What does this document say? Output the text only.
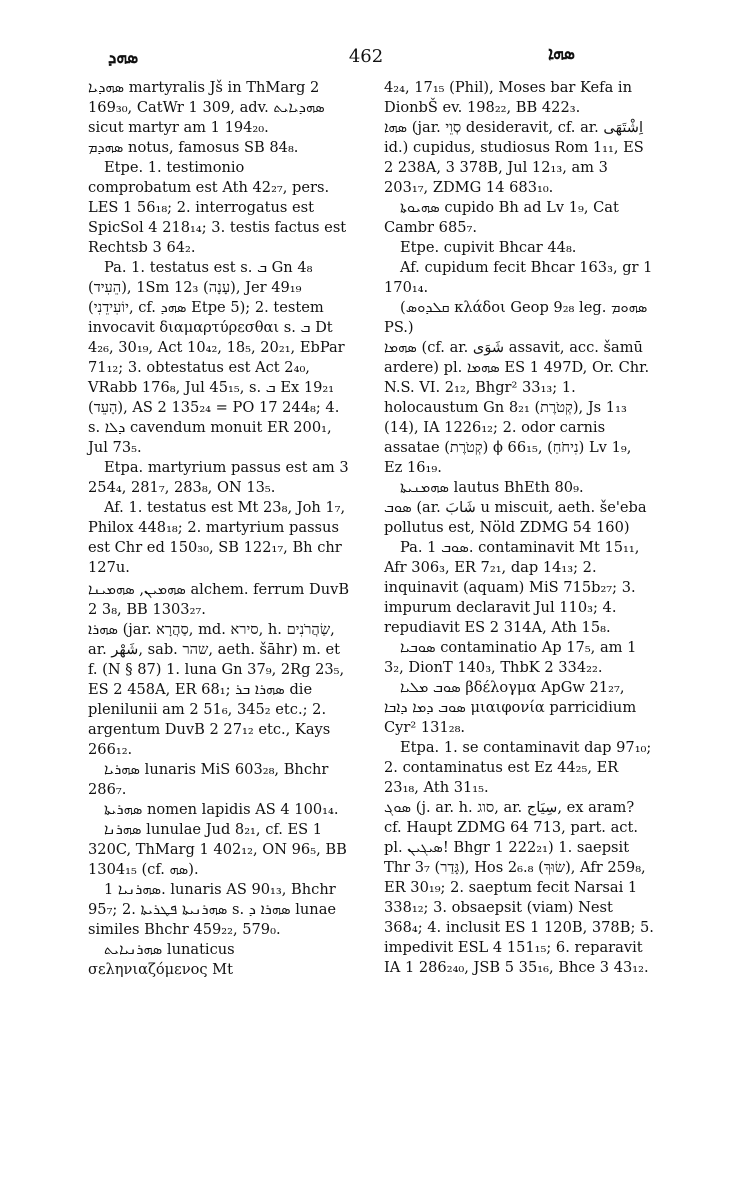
ܣܗܕ	462	ܣܗܐ

ܣܗܕܝܐ martyralis Jš in ThMarg 2 169₃₀, CatWr 1 309, adv. ܣܗܕܝܐܝܬ sicut martyr am 1 194₂₀.

ܣܗܕܡ notus, famosus SB 84₈.

Etpe. 1. testimonio comprobatum est Ath 42₂₇, pers. LES 1 56₁₈; 2. interrogatus est SpicSol 4 218₁₄; 3. testis factus est Rechtsb 3 64₂.

Pa. 1. testatus est s. ܒ Gn 4₈ (הֵעִיד), 1Sm 12₃ (עָנָה), Jer 49₁₉ (יוֹעִידֵנִי, cf. ܣܗܕ Etpe 5); 2. testem invocavit διαμαρτύρεσθαι s. ܒ Dt 4₂₆, 30₁₉, Act 10₄₂, 18₅, 20₂₁, EbPar 71₁₂; 3. obtestatus est Act 2₄₀, VRabb 176₈, Jul 45₁₅, s. ܒ Ex 19₂₁ (הָעֵד), AS 2 135₂₄ = PO 17 244₈; 4. s. ܕܠܐ cavendum monuit ER 200₁, Jul 73₅.

Etpa. martyrium passus est am 3 254₄, 281₇, 283₈, ON 13₅.

Af. 1. testatus est Mt 23₈, Joh 1₇, Philox 448₁₈; 2. martyrium passus est Chr ed 150₃₀, SB 122₁₇, Bh chr 127u.

ܣܗܡܝܢ, ܣܗܡܝܢܐ alchem. ferrum DuvB 2 3₈, BB 1303₂₇.

ܣܗܪܐ (jar. סַהֲרָא, md. סירא, h. שַׂהֲרֹנִים, ar. شَهْر, sab. שהר, aeth. šāhr) m. et f. (N § 87) 1. luna Gn 37₉, 2Rg 23₅, ES 2 458A, ER 68₁; ܣܗܪܐ ܒܪ die plenilunii am 2 51₆, 345₂ etc.; 2. argentum DuvB 2 27₁₂ etc., Kays 266₁₂.

ܣܗܪܝܐ lunaris MiS 603₂₈, Bhchr 286₇.

ܣܗܪܝܬܐ nomen lapidis AS 4 100₁₄.

ܣܗܪܢܐ lunulae Jud 8₂₁, cf. ES 1 320C, ThMarg 1 402₁₂, ON 96₅, BB 1304₁₅ (cf. ܣܗ).

ܣܗܪܢܝܐ 1. lunaris AS 90₁₃, Bhchr 95₇; 2. ܣܗܪܢܝܬܐ ܦܛܪܝܬܐ s. ܣܗܪܐ ܕ lunae similes Bhchr 459₂₂, 579₀.

ܣܗܪܢܝܐܝܬ lunaticus σεληνιαζόμενος Mt

4₂₄, 17₁₅ (Phil), Moses bar Kefa in DionbŠ ev. 198₂₂, BB 422₃.

ܣܗܐ (jar. סְוֵי desideravit, cf. ar. اِشْتَهَى id.) cupidus, studiosus Rom 1₁₁, ES 2 238A, 3 378B, Jul 12₁₃, am 3 203₁₇, ZDMG 14 683₁₀.

ܣܗܝܘܬܐ cupido Bh ad Lv 1₉, Cat Cambr 685₇.

Etpe. cupivit Bhcar 44₈.

Af. cupidum fecit Bhcar 163₃, gr 1 170₁₄.

(ܩܠܕܘܣ κλάδοι Geop 9₂₈ leg. ܣܗܘܡ PS.)

ܣܗܡܐ (cf. ar. شَوَى assavit, acc. šamū ardere) pl. ܣܗܡܐ ES 1 497D, Or. Chr. N.S. VI. 2₁₂, Bhgr² 33₁₃; 1. holocaustum Gn 8₂₁ (קְטֹרֶת), Js 1₁₃ (14), IA 1226₁₂; 2. odor carnis assatae (קְטֹרֶת) ϕ 66₁₅, (נִיחֹחַ) Lv 1₉, Ez 16₁₉.

ܣܗܡܢܝܬܐ lautus BhEth 80₉.

ܣܘܒ (ar. شَابَ u miscuit, aeth. še'eba pollutus est, Nöld ZDMG 54 160)

Pa. ܣܘܒ 1. contaminavit Mt 15₁₁, Afr 306₃, ER 7₂₁, dap 14₁₃; 2. inquinavit (aquam) MiS 715b₂₇; 3. impurum declaravit Jul 110₃; 4. repudiavit ES 2 314A, Ath 15₈.

ܣܘܒܝܐ contaminatio Ap 17₅, am 1 3₂, DionT 140₃, ThbK 2 334₂₂.

ܣܘܒ ܡܠܝܐ βδέλογμα ApGw 21₂₇, ܣܘܒ ܕܡܐ ܕܐܒܐ μιαιφονία parricidium Cyr² 131₂₈.

Etpa. 1. se contaminavit dap 97₁₀; 2. contaminatus est Ez 44₂₅, ER 23₁₈, Ath 31₁₅.

ܣܘܓ (j. ar. h. סוג, ar. سِيَاج, ex aram? cf. Haupt ZDMG 64 713, part. act. pl. ܣܝܓܝܢ! Bhgr 1 222₂₁) 1. saepsit Thr 3₇ (גָּדַר), Hos 2₆.₈ (שׂוּךְ), Afr 259₈, ER 30₁₉; 2. saeptum fecit Narsai 1 338₁₂; 3. obsaepsit (viam) Nest 368₄; 4. inclusit ES 1 120B, 378B; 5. impedivit ESL 4 151₁₅; 6. reparavit IA 1 286₂₄₀, JSB 5 35₁₆, Bhce 3 43₁₂.
